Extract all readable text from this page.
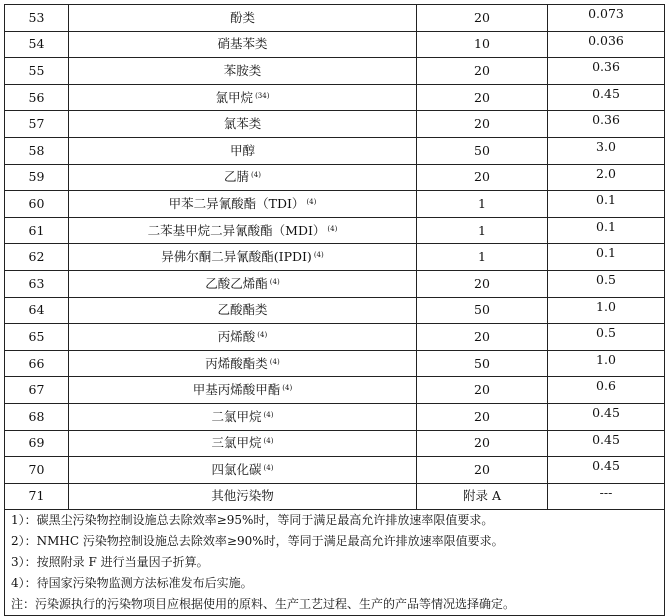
53	酚类	20	0.073
54	硝基苯类	10	0.036
55	苯胺类	20	0.36
56	氯甲烷 $^{(34)}$	20	0.45
57	氯苯类	20	0.36
58	甲醇	50	3.0
59	乙腈 $^{(4)}$	20	2.0
60	甲苯二异氰酸酯（TDI） $^{(4)}$	1	0.1
61	二苯基甲烷二异氰酸酯（MDI） $^{(4)}$	1	0.1
62	异佛尔酮二异氰酸酯(IPDI) $^{(4)}$	1	0.1
63	乙酸乙烯酯 $^{(4)}$	20	0.5
64	乙酸酯类	50	1.0
65	丙烯酸 $^{(4)}$	20	0.5
66	丙烯酸酯类 $^{(4)}$	50	1.0
67	甲基丙烯酸甲酯 $^{(4)}$	20	0.6
68	二氯甲烷 $^{(4)}$	20	0.45
69	三氯甲烷 $^{(4)}$	20	0.45
70	四氯化碳 $^{(4)}$	20	0.45
71	其他污染物	附录 A	---
1）：碳黑尘污染物控制设施总去除效率≥95%时，等同于满足最高允许排放速率限值要求。
2）：NMHC 污染物控制设施总去除效率≥90%时，等同于满足最高允许排放速率限值要求。
3）：按照附录 F 进行当量因子折算。
4）：待国家污染物监测方法标准发布后实施。
注：污染源执行的污染物项目应根据使用的原料、生产工艺过程、生产的产品等情况选择确定。
